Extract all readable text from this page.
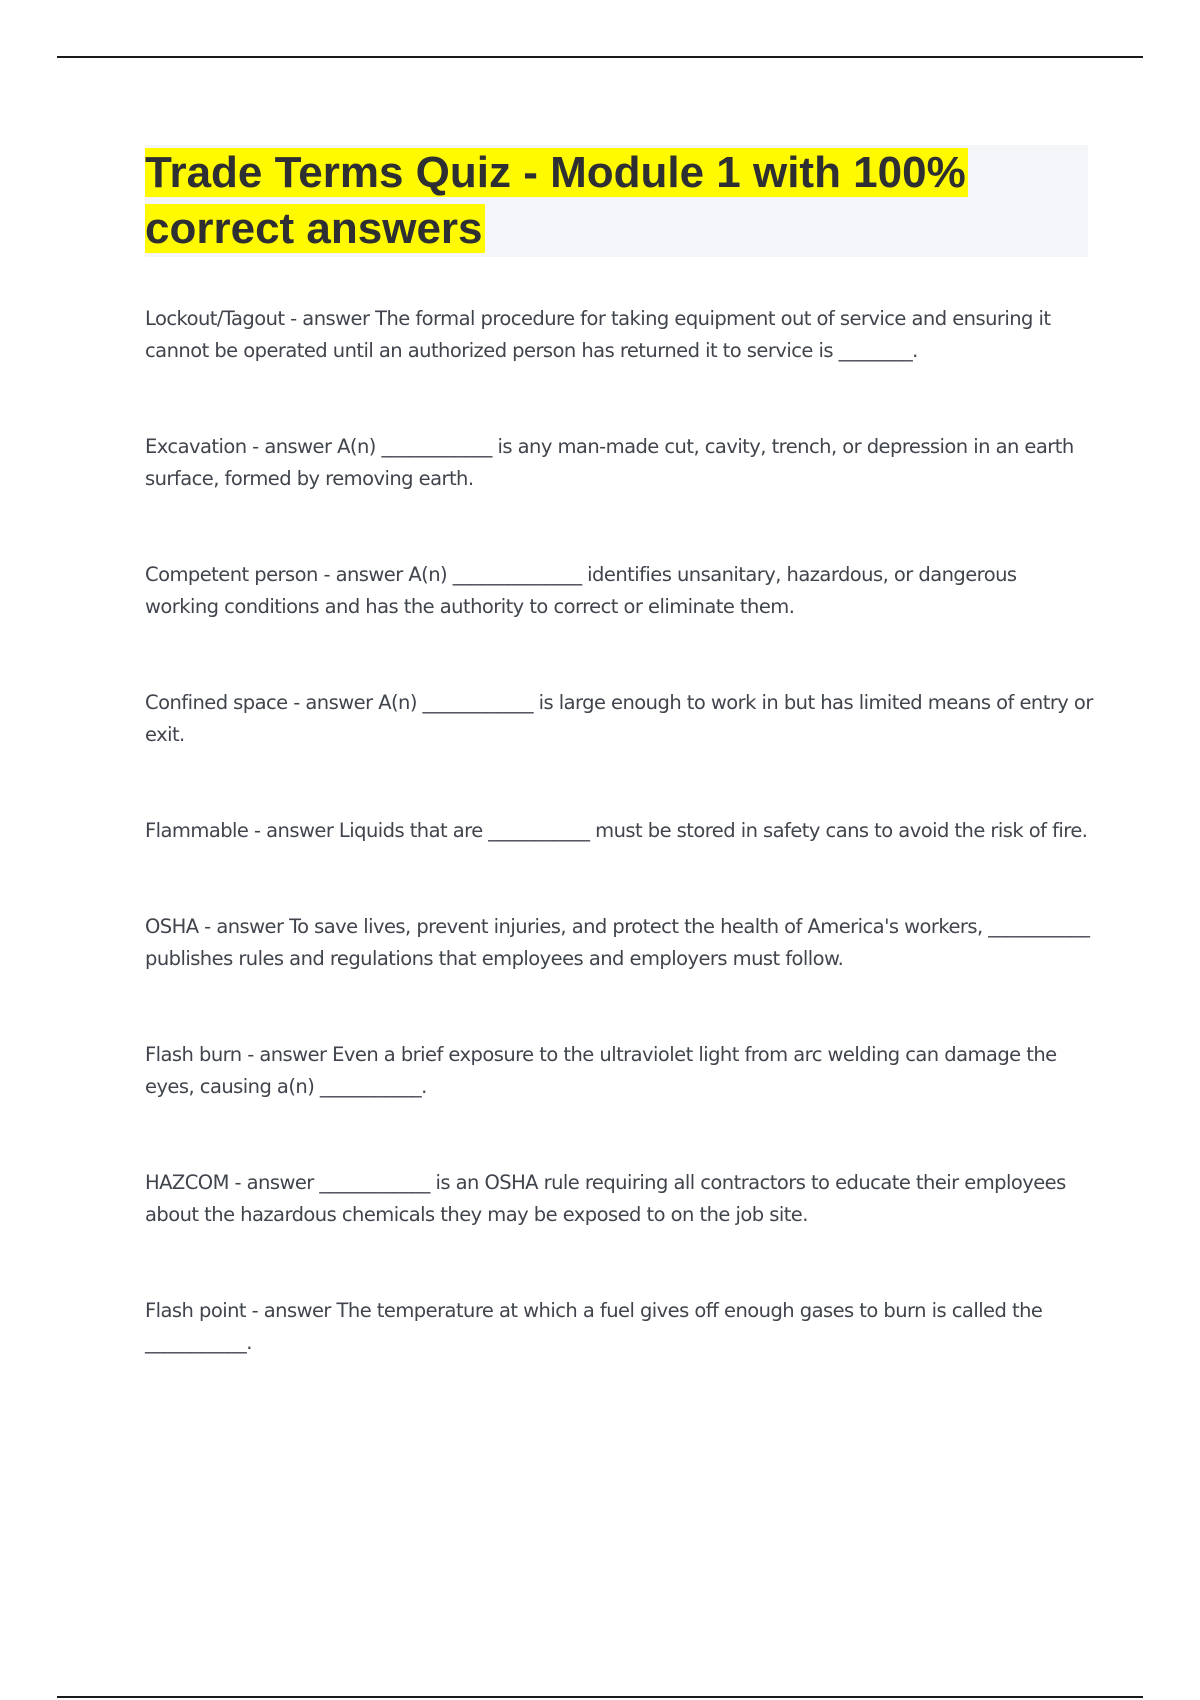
Trade Terms Quiz - Module 1 with 100% correct answers

Lockout/Tagout - answer The formal procedure for taking equipment out of service and ensuring it cannot be operated until an authorized person has returned it to service is ________.

Excavation - answer A(n) ____________ is any man-made cut, cavity, trench, or depression in an earth surface, formed by removing earth.

Competent person - answer A(n) ______________ identifies unsanitary, hazardous, or dangerous working conditions and has the authority to correct or eliminate them.

Confined space - answer A(n) ____________ is large enough to work in but has limited means of entry or exit.

Flammable - answer Liquids that are ___________ must be stored in safety cans to avoid the risk of fire.

OSHA - answer To save lives, prevent injuries, and protect the health of America's workers, ___________ publishes rules and regulations that employees and employers must follow.

Flash burn - answer Even a brief exposure to the ultraviolet light from arc welding can damage the eyes, causing a(n) ___________.

HAZCOM - answer ____________ is an OSHA rule requiring all contractors to educate their employees about the hazardous chemicals they may be exposed to on the job site.

Flash point - answer The temperature at which a fuel gives off enough gases to burn is called the ___________.
